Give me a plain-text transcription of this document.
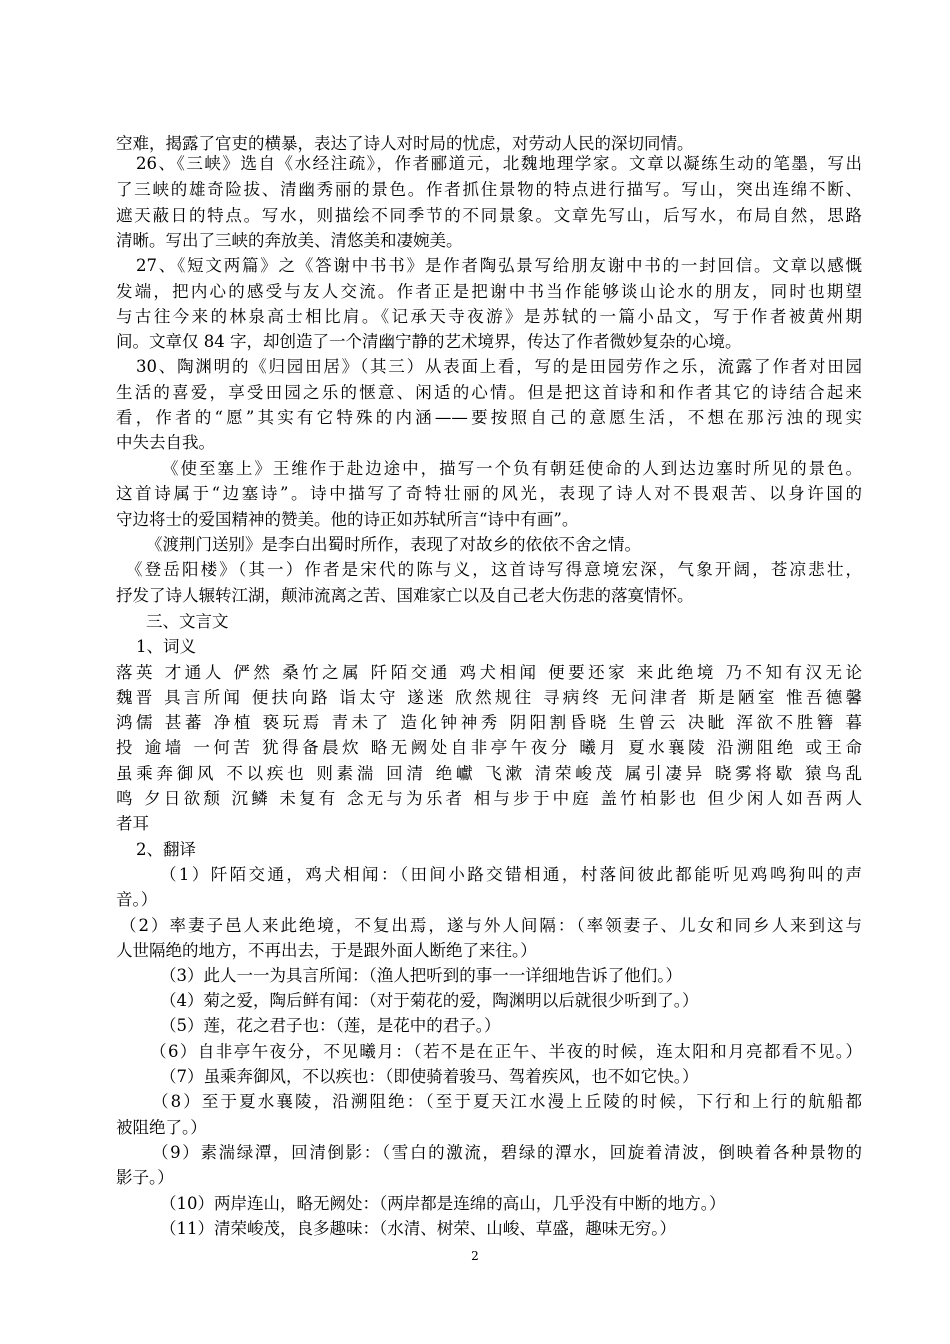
空难，揭露了官吏的横暴，表达了诗人对时局的忧虑，对劳动人民的深切同情。
26、《三峡》选自《水经注疏》，作者郦道元，北魏地理学家。文章以凝练生动的笔墨，写出
了三峡的雄奇险拔、清幽秀丽的景色。作者抓住景物的特点进行描写。写山，突出连绵不断、
遮天蔽日的特点。写水，则描绘不同季节的不同景象。文章先写山，后写水，布局自然，思路
清晰。写出了三峡的奔放美、清悠美和凄婉美。
27、《短文两篇》之《答谢中书书》是作者陶弘景写给朋友谢中书的一封回信。文章以感慨
发端，把内心的感受与友人交流。作者正是把谢中书当作能够谈山论水的朋友，同时也期望
与古往今来的林泉高士相比肩。《记承天寺夜游》是苏轼的一篇小品文，写于作者被黄州期
间。文章仅 84 字，却创造了一个清幽宁静的艺术境界，传达了作者微妙复杂的心境。
30、陶渊明的《归园田居》（其三）从表面上看，写的是田园劳作之乐，流露了作者对田园
生活的喜爱，享受田园之乐的惬意、闲适的心情。但是把这首诗和和作者其它的诗结合起来
看，作者的“愿”其实有它特殊的内涵——要按照自己的意愿生活，不想在那污浊的现实
中失去自我。
《使至塞上》王维作于赴边途中，描写一个负有朝廷使命的人到达边塞时所见的景色。
这首诗属于“边塞诗”。诗中描写了奇特壮丽的风光，表现了诗人对不畏艰苦、以身许国的
守边将士的爱国精神的赞美。他的诗正如苏轼所言“诗中有画”。
《渡荆门送别》是李白出蜀时所作，表现了对故乡的依依不舍之情。
《登岳阳楼》（其一）作者是宋代的陈与义，这首诗写得意境宏深，气象开阔，苍凉悲壮，
抒发了诗人辗转江湖，颠沛流离之苦、国难家亡以及自己老大伤悲的落寞情怀。
三、文言文
1、词义
落英 才通人 俨然 桑竹之属 阡陌交通 鸡犬相闻 便要还家 来此绝境 乃不知有汉无论
魏晋 具言所闻 便扶向路 诣太守 遂迷 欣然规往 寻病终 无问津者 斯是陋室 惟吾德馨
鸿儒 甚蕃 净植 亵玩焉 青未了 造化钟神秀 阴阳割昏晓 生曾云 决眦 浑欲不胜簪 暮
投 逾墙 一何苦 犹得备晨炊 略无阙处自非亭午夜分 曦月 夏水襄陵 沿溯阻绝 或王命
虽乘奔御风 不以疾也 则素湍 回清 绝巘 飞漱 清荣峻茂 属引凄异 晓雾将歇 猿鸟乱
鸣 夕日欲颓 沉鳞 未复有 念无与为乐者 相与步于中庭 盖竹柏影也 但少闲人如吾两人
者耳
2、翻译
（1）阡陌交通，鸡犬相闻：（田间小路交错相通，村落间彼此都能听见鸡鸣狗叫的声
音。）
（2）率妻子邑人来此绝境，不复出焉，遂与外人间隔：（率领妻子、儿女和同乡人来到这与
人世隔绝的地方，不再出去，于是跟外面人断绝了来往。）
（3）此人一一为具言所闻：（渔人把听到的事一一详细地告诉了他们。）
（4）菊之爱，陶后鲜有闻：（对于菊花的爱，陶渊明以后就很少听到了。）
（5）莲，花之君子也：（莲，是花中的君子。）
（6）自非亭午夜分，不见曦月：（若不是在正午、半夜的时候，连太阳和月亮都看不见。）
（7）虽乘奔御风，不以疾也：（即使骑着骏马、驾着疾风，也不如它快。）
（8）至于夏水襄陵，沿溯阻绝：（至于夏天江水漫上丘陵的时候，下行和上行的航船都
被阻绝了。）
（9）素湍绿潭，回清倒影：（雪白的激流，碧绿的潭水，回旋着清波，倒映着各种景物的
影子。）
（10）两岸连山，略无阙处：（两岸都是连绵的高山，几乎没有中断的地方。）
（11）清荣峻茂，良多趣味：（水清、树荣、山峻、草盛，趣味无穷。）
2
